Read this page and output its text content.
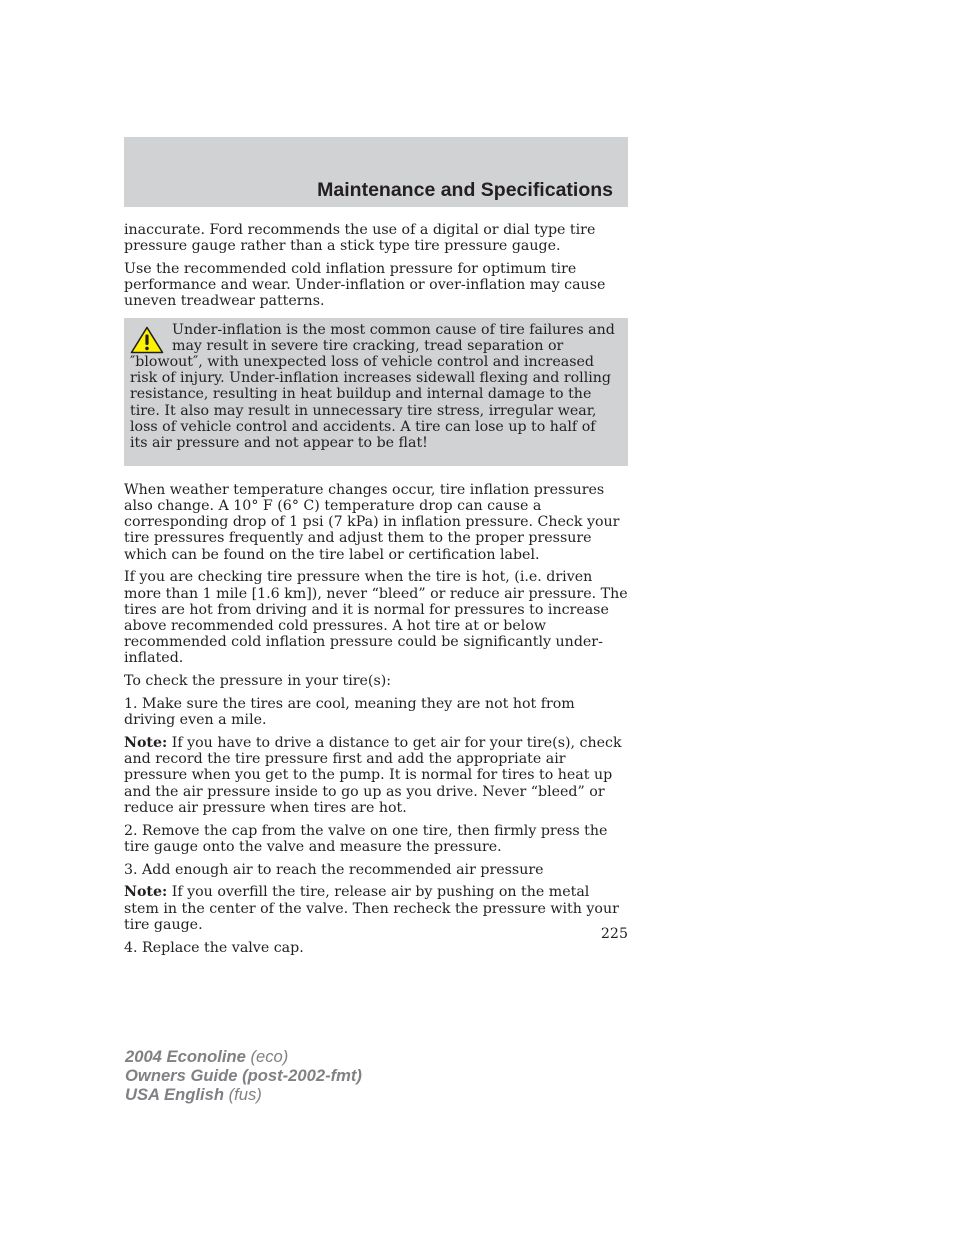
Maintenance and Specifications

inaccurate. Ford recommends the use of a digital or dial type tire pressure gauge rather than a stick type tire pressure gauge.

Use the recommended cold inflation pressure for optimum tire performance and wear. Under-inflation or over-inflation may cause uneven treadwear patterns.

Under-inflation is the most common cause of tire failures and may result in severe tire cracking, tread separation or ″blowout″, with unexpected loss of vehicle control and increased risk of injury. Under-inflation increases sidewall flexing and rolling resistance, resulting in heat buildup and internal damage to the tire. It also may result in unnecessary tire stress, irregular wear, loss of vehicle control and accidents. A tire can lose up to half of its air pressure and not appear to be flat!

When weather temperature changes occur, tire inflation pressures also change. A 10° F (6° C) temperature drop can cause a corresponding drop of 1 psi (7 kPa) in inflation pressure. Check your tire pressures frequently and adjust them to the proper pressure which can be found on the tire label or certification label.

If you are checking tire pressure when the tire is hot, (i.e. driven more than 1 mile [1.6 km]), never “bleed” or reduce air pressure. The tires are hot from driving and it is normal for pressures to increase above recommended cold pressures. A hot tire at or below recommended cold inflation pressure could be significantly under-inflated.

To check the pressure in your tire(s):

1. Make sure the tires are cool, meaning they are not hot from driving even a mile.

Note: If you have to drive a distance to get air for your tire(s), check and record the tire pressure first and add the appropriate air pressure when you get to the pump. It is normal for tires to heat up and the air pressure inside to go up as you drive. Never “bleed” or reduce air pressure when tires are hot.

2. Remove the cap from the valve on one tire, then firmly press the tire gauge onto the valve and measure the pressure.

3. Add enough air to reach the recommended air pressure

Note: If you overfill the tire, release air by pushing on the metal stem in the center of the valve. Then recheck the pressure with your tire gauge.

4. Replace the valve cap.

225
2004 Econoline (eco)
Owners Guide (post-2002-fmt)
USA English (fus)
